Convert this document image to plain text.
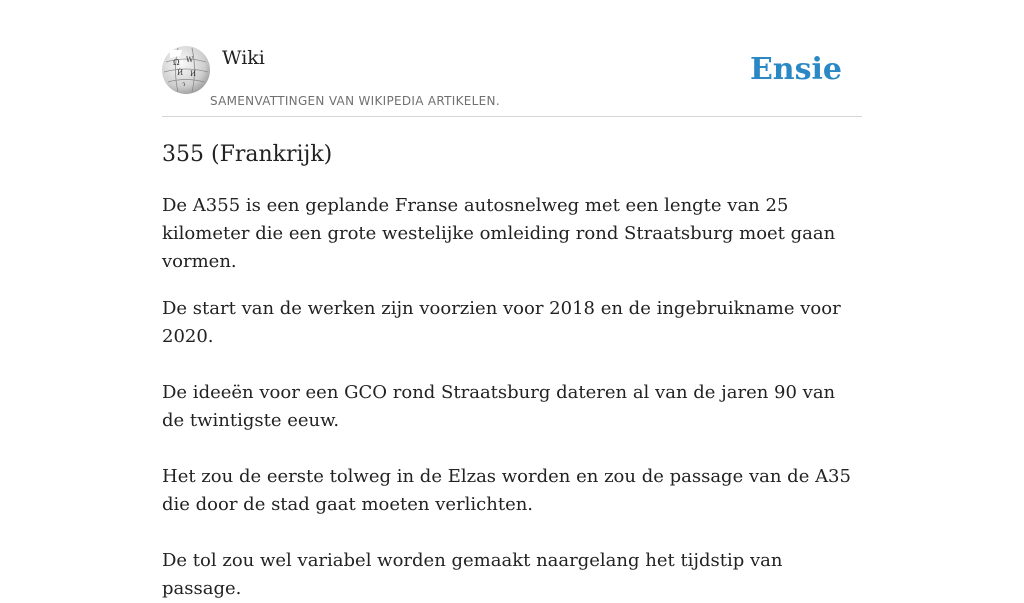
Ω W
Ѝ И
ว
Wiki
SAMENVATTINGEN VAN WIKIPEDIA ARTIKELEN.
Ensie
355 (Frankrijk)

De A355 is een geplande Franse autosnelweg met een lengte van 25 kilometer die een grote westelijke omleiding rond Straatsburg moet gaan vormen.

De start van de werken zijn voorzien voor 2018 en de ingebruikname voor 2020.

De ideeën voor een GCO rond Straatsburg dateren al van de jaren 90 van de twintigste eeuw.

Het zou de eerste tolweg in de Elzas worden en zou de passage van de A35 die door de stad gaat moeten verlichten.

De tol zou wel variabel worden gemaakt naargelang het tijdstip van passage.
